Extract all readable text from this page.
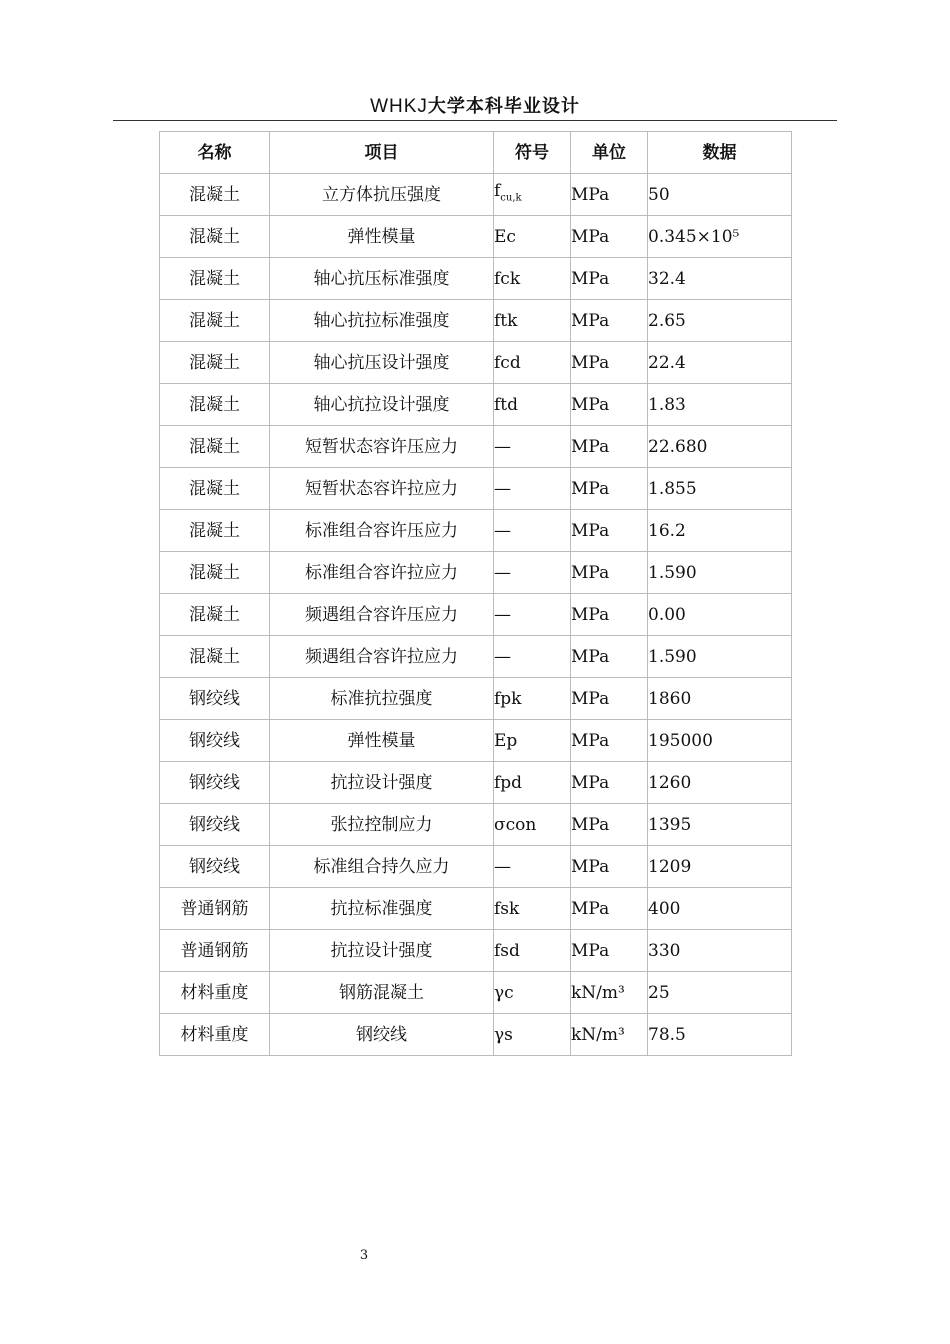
WHKJ大学本科毕业设计
名称	项目	符号	单位	数据
混凝土	立方体抗压强度	$f_{cu,k}$	MPa	50
混凝土	弹性模量	Ec	MPa	0.345×10⁵
混凝土	轴心抗压标准强度	fck	MPa	32.4
混凝土	轴心抗拉标准强度	ftk	MPa	2.65
混凝土	轴心抗压设计强度	fcd	MPa	22.4
混凝土	轴心抗拉设计强度	ftd	MPa	1.83
混凝土	短暂状态容许压应力	—	MPa	22.680
混凝土	短暂状态容许拉应力	—	MPa	1.855
混凝土	标准组合容许压应力	—	MPa	16.2
混凝土	标准组合容许拉应力	—	MPa	1.590
混凝土	频遇组合容许压应力	—	MPa	0.00
混凝土	频遇组合容许拉应力	—	MPa	1.590
钢绞线	标准抗拉强度	fpk	MPa	1860
钢绞线	弹性模量	Ep	MPa	195000
钢绞线	抗拉设计强度	fpd	MPa	1260
钢绞线	张拉控制应力	σcon	MPa	1395
钢绞线	标准组合持久应力	—	MPa	1209
普通钢筋	抗拉标准强度	fsk	MPa	400
普通钢筋	抗拉设计强度	fsd	MPa	330
材料重度	钢筋混凝土	γc	kN/m³	25
材料重度	钢绞线	γs	kN/m³	78.5
3
